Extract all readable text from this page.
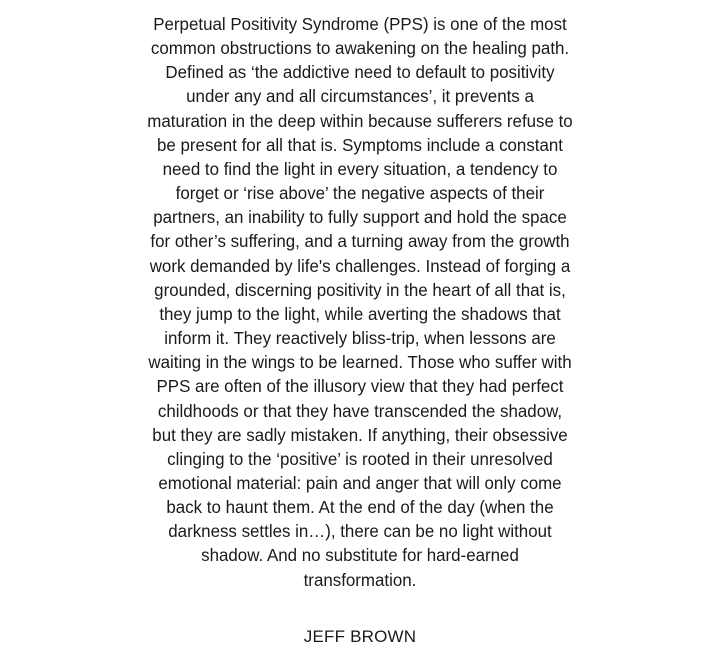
Perpetual Positivity Syndrome (PPS) is one of the most
common obstructions to awakening on the healing path.
Defined as ‘the addictive need to default to positivity
under any and all circumstances’, it prevents a
maturation in the deep within because sufferers refuse to
be present for all that is. Symptoms include a constant
need to find the light in every situation, a tendency to
forget or ‘rise above’ the negative aspects of their
partners, an inability to fully support and hold the space
for other’s suffering, and a turning away from the growth
work demanded by life's challenges. Instead of forging a
grounded, discerning positivity in the heart of all that is,
they jump to the light, while averting the shadows that
inform it. They reactively bliss-trip, when lessons are
waiting in the wings to be learned. Those who suffer with
PPS are often of the illusory view that they had perfect
childhoods or that they have transcended the shadow,
but they are sadly mistaken. If anything, their obsessive
clinging to the ‘positive’ is rooted in their unresolved
emotional material: pain and anger that will only come
back to haunt them. At the end of the day (when the
darkness settles in…), there can be no light without
shadow. And no substitute for hard-earned
transformation.
JEFF BROWN
